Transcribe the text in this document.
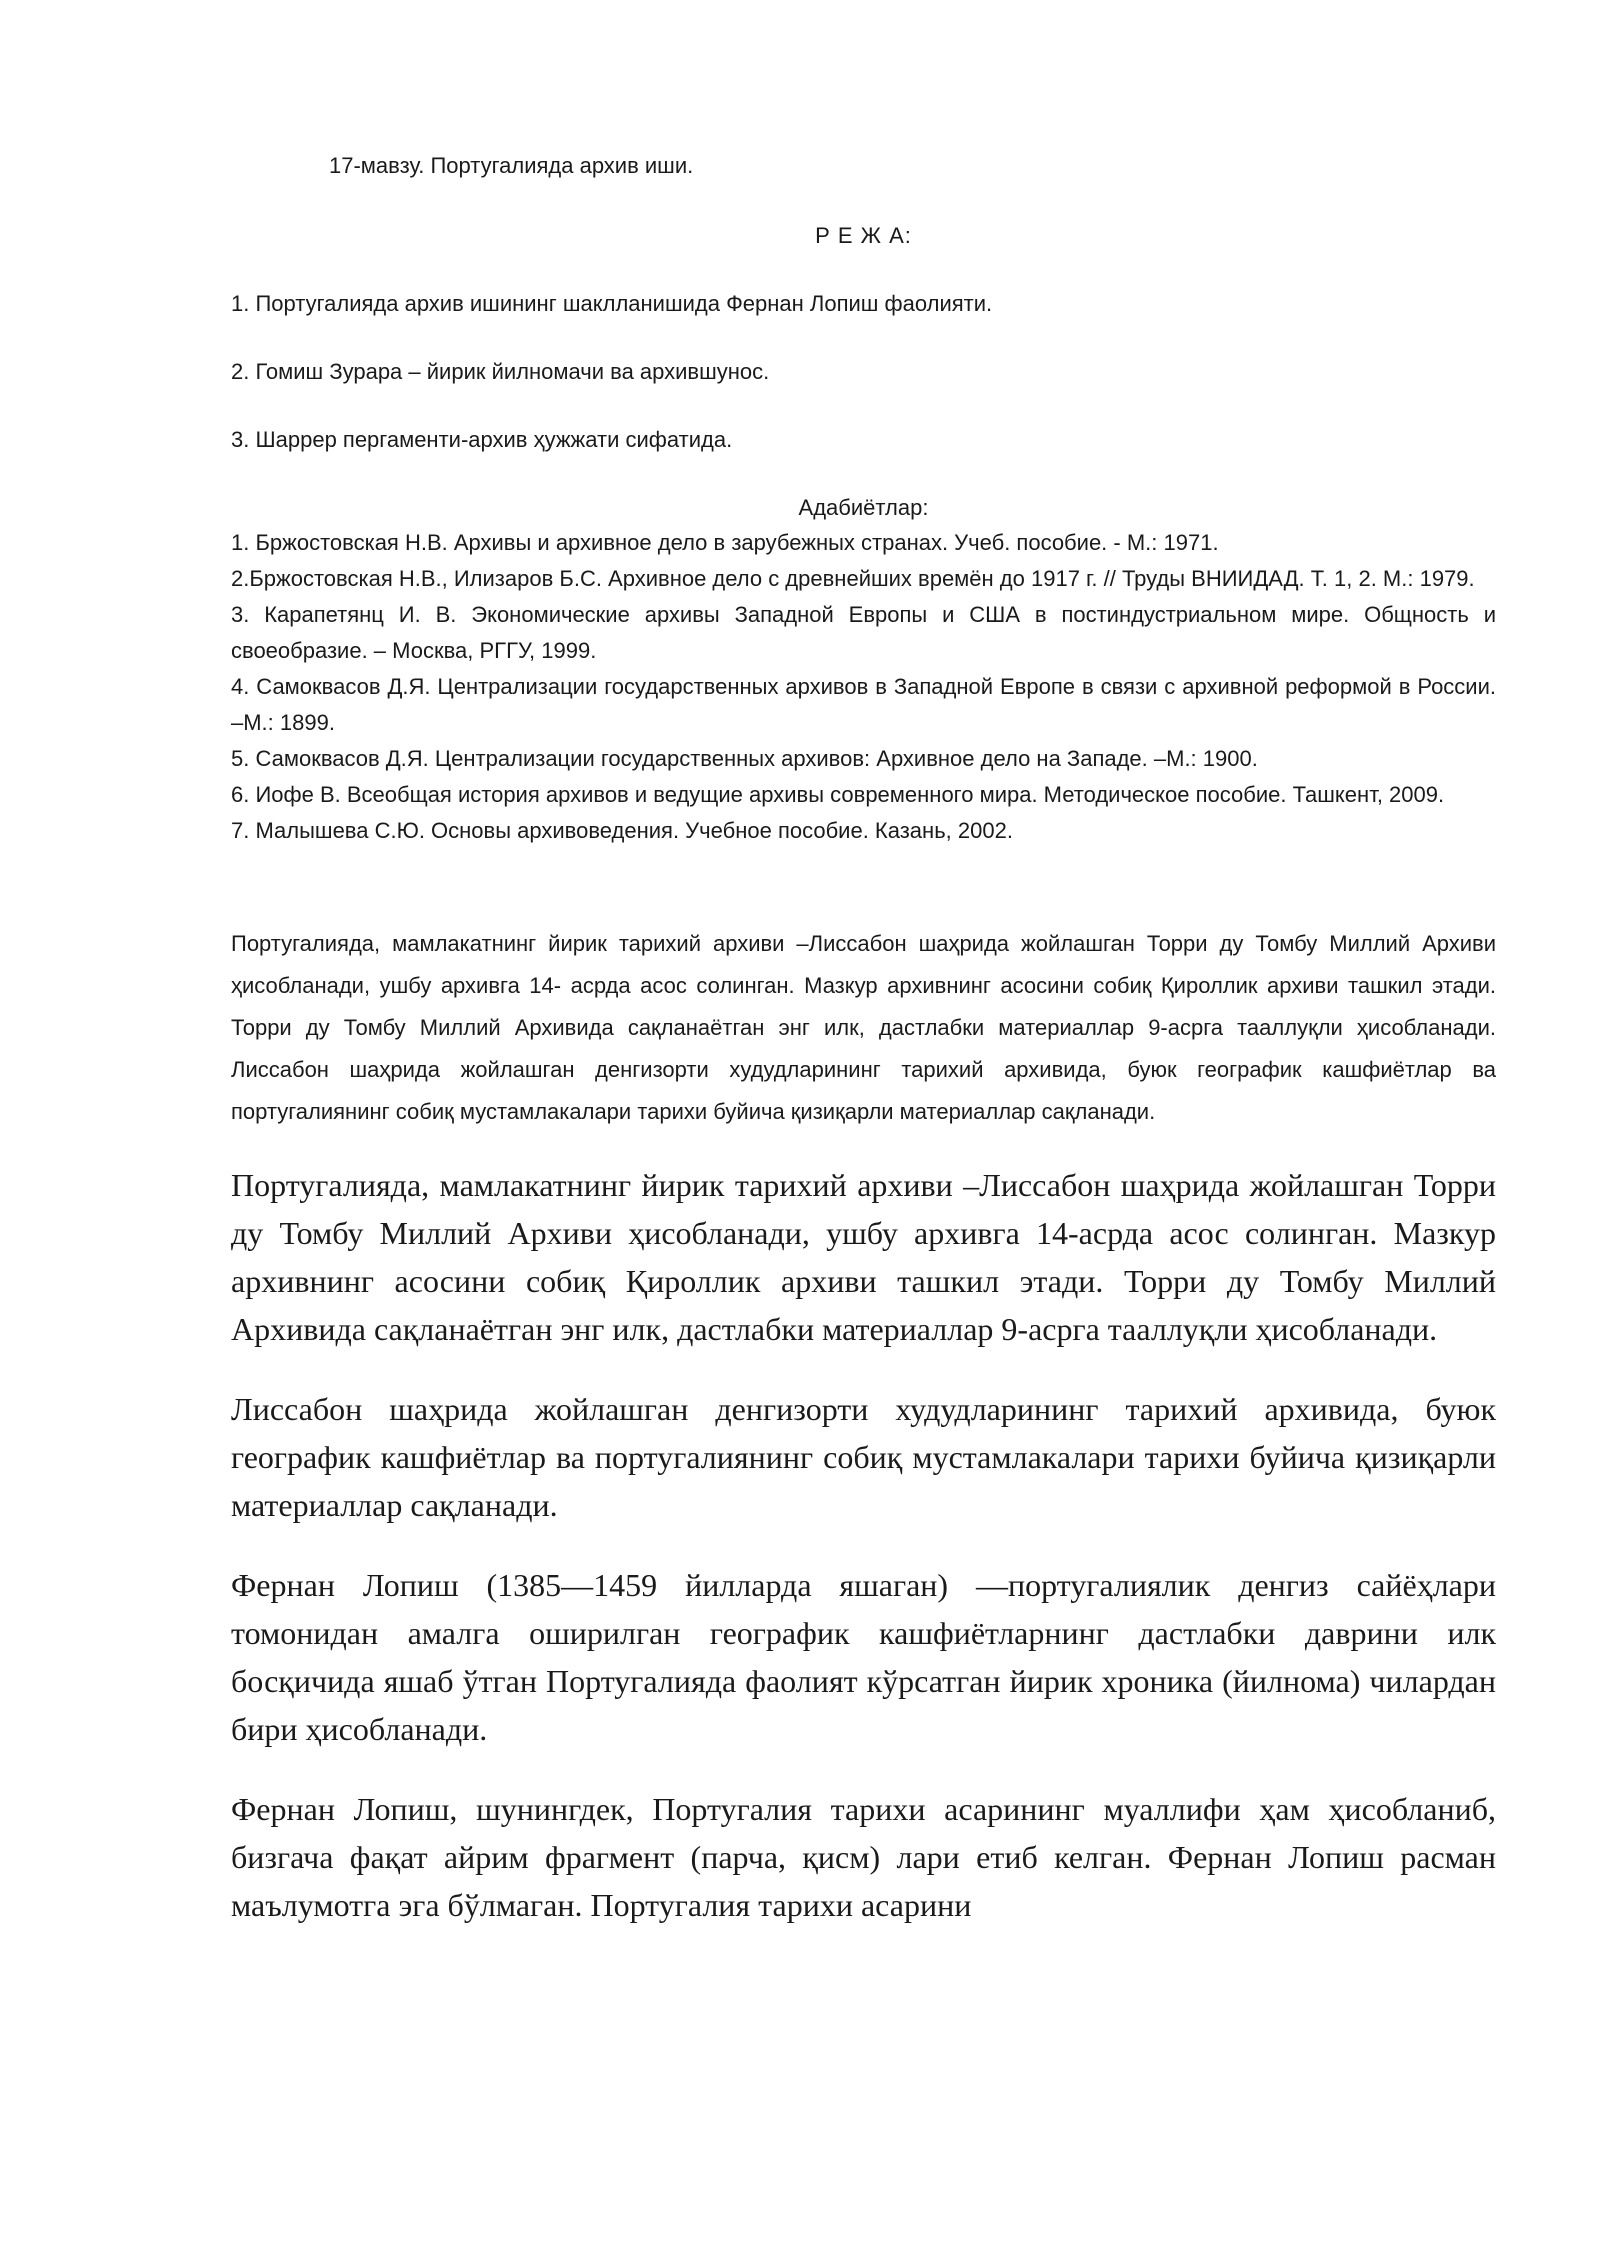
17-мавзу. Португалияда архив иши.

Р Е Ж А:

1. Португалияда архив ишининг шаклланишида Фернан Лопиш фаолияти.

2. Гомиш Зурара – йирик йилномачи ва архившунос.

3. Шаррер пергаменти-архив ҳужжати сифатида.

Адабиётлар:

1. Бржостовская Н.В. Архивы и архивное дело в зарубежных странах. Учеб. пособие. - М.: 1971.

2.Бржостовская Н.В., Илизаров Б.С. Архивное дело с древнейших времён до 1917 г. // Труды ВНИИДАД. Т. 1, 2. М.: 1979.

3. Карапетянц И. В. Экономические архивы Западной Европы и США в постиндустриальном мире. Общность и своеобразие. – Москва, РГГУ, 1999.

4. Самоквасов Д.Я. Централизации государственных архивов в Западной Европе в связи с архивной реформой в России. –М.: 1899.

5. Самоквасов Д.Я. Централизации государственных архивов: Архивное дело на Западе. –М.: 1900.

6. Иофе В. Всеобщая история архивов и ведущие архивы современного мира. Методическое пособие. Ташкент, 2009.

7. Малышева С.Ю. Основы архивоведения. Учебное пособие. Казань, 2002.

Португалияда, мамлакатнинг йирик тарихий архиви –Лиссабон шаҳрида жойлашган Торри ду Томбу Миллий Архиви ҳисобланади, ушбу архивга 14- асрда асос солинган. Мазкур архивнинг асосини собиқ Қироллик архиви ташкил этади. Торри ду Томбу Миллий Архивида сақланаётган энг илк, дастлабки материаллар 9-асрга тааллуқли ҳисобланади. Лиссабон шаҳрида жойлашган денгизорти худудларининг тарихий архивида, буюк географик кашфиётлар ва португалиянинг собиқ мустамлакалари тарихи буйича қизиқарли материаллар сақланади.

Португалияда, мамлакатнинг йирик тарихий архиви –Лиссабон шаҳрида жойлашган Торри ду Томбу Миллий Архиви ҳисобланади, ушбу архивга 14-асрда асос солинган. Мазкур архивнинг асосини собиқ Қироллик архиви ташкил этади. Торри ду Томбу Миллий Архивида сақланаётган энг илк, дастлабки материаллар 9-асрга тааллуқли ҳисобланади.

Лиссабон шаҳрида жойлашган денгизорти худудларининг тарихий архивида, буюк географик кашфиётлар ва португалиянинг собиқ мустамлакалари тарихи буйича қизиқарли материаллар сақланади.

Фернан Лопиш (1385—1459 йилларда яшаган) —португалиялик денгиз сайёҳлари томонидан амалга оширилган географик кашфиётларнинг дастлабки даврини илк босқичида яшаб ўтган Португалияда фаолият кўрсатган йирик хроника (йилнома) чилардан бири ҳисобланади.

Фернан Лопиш, шунингдек, Португалия тарихи асарининг муаллифи ҳам ҳисобланиб, бизгача фақат айрим фрагмент (парча, қисм) лари етиб келган. Фернан Лопиш расман маълумотга эга бўлмаган. Португалия тарихи асарини
